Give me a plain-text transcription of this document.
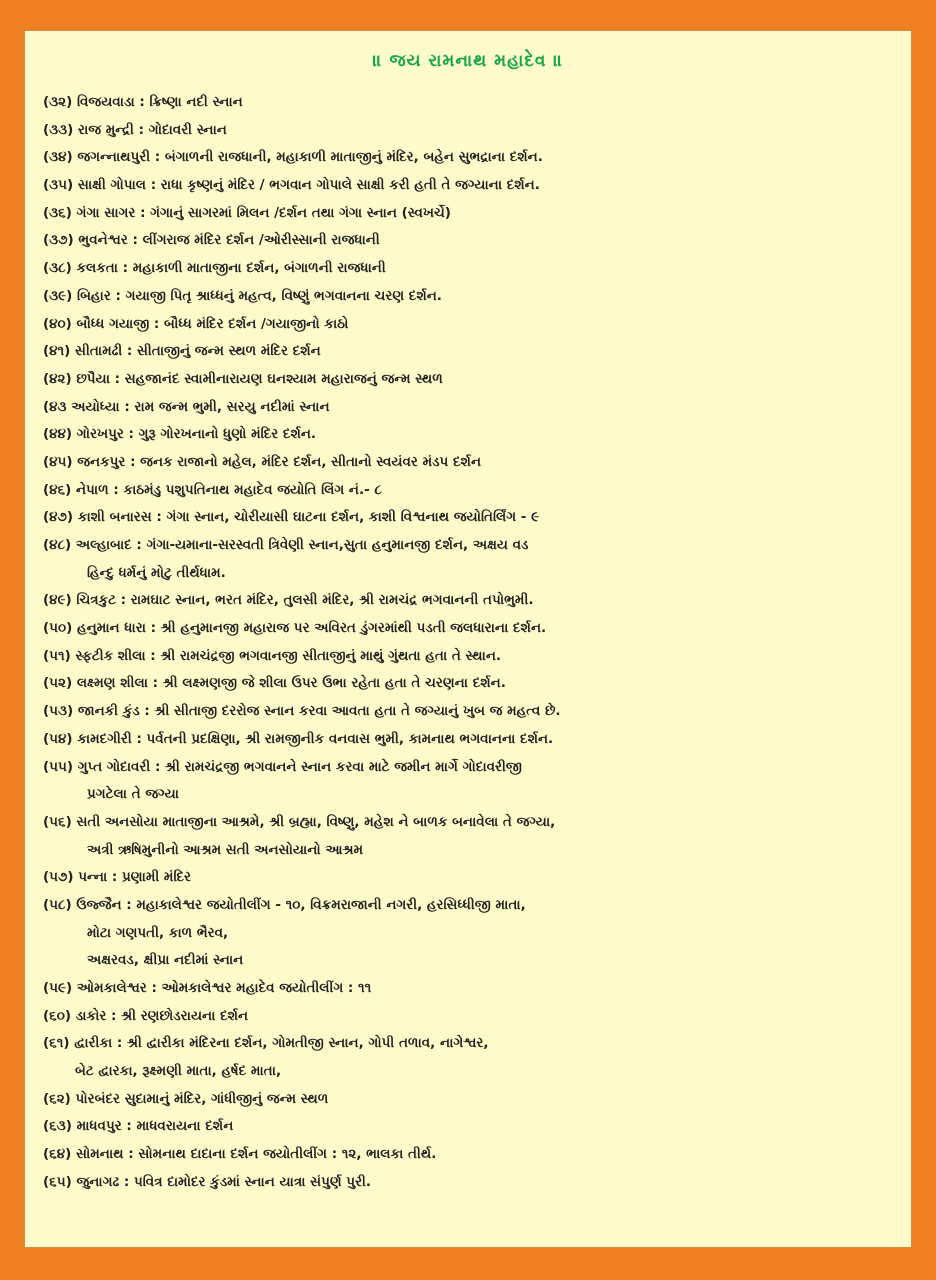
॥ જય રામનાથ મહાદેવ ॥
(૩૨) વિજયવાડા : ક્રિષ્ણા નદી સ્નાન
(૩૩) રાજ મુન્દ્રી : ગોદાવરી સ્નાન
(૩૪) જગન્નાથપુરી : બંગાળની રાજધાની, મહાકાળી માતાજીનું મંદિર, બહેન સુભદ્રાના દર્શન.
(૩૫) સાક્ષી ગોપાલ : રાધા કૃષ્ણનું મંદિર / ભગવાન ગોપાલે સાક્ષી કરી હતી તે જગ્યાના દર્શન.
(૩૬) ગંગા સાગર : ગંગાનું સાગરમાં મિલન /દર્શન તથા ગંગા સ્નાન (સ્વખર્ચે)
(૩૭) ભુવનેશ્વર : લીંગરાજ મંદિર દર્શન /ઓરીસ્સાની રાજધાની
(૩૮) કલકતા : મહાકાળી માતાજીના દર્શન, બંગાળની રાજધાની
(૩૯) બિહાર : ગયાજી પિતૃ શ્રાધ્ધનું મહત્વ, વિષ્ણું ભગવાનના ચરણ દર્શન.
(૪૦) બૌધ્ધ ગયાજી : બૌધ્ધ મંદિર દર્શન /ગયાજીનો કાઠો
(૪૧) સીતામઢી : સીતાજીનું જન્મ સ્થળ મંદિર દર્શન
(૪૨) છપૈયા : સહજાનંદ સ્વામીનારાયણ ઘનશ્યામ મહારાજનું જન્મ સ્થળ
(૪૩ અયોધ્યા : રામ જન્મ ભુમી, સરયુ નદીમાં સ્નાન
(૪૪) ગોરખપુર : ગુરૂ ગોરખનાનો ધુણો મંદિર દર્શન.
(૪૫) જનકપુર : જનક રાજાનો મહેલ, મંદિર દર્શન, સીતાનો સ્વયંવર મંડપ દર્શન
(૪૬) નેપાળ : કાઠમંડુ પશુપતિનાથ મહાદેવ જયોતિ લિંગ નં.- ૮
(૪૭) કાશી બનારસ : ગંગા સ્નાન, ચોરીયાસી ઘાટના દર્શન, કાશી વિશ્વનાથ જયોતિર્લિંગ - ૯
(૪૮) અલ્હાબાદ : ગંગા-યમાના-સરસ્વતી ત્રિવેણી સ્નાન,સુતા હનુમાનજી દર્શન, અક્ષય વડ
હિન્દુ ધર્મનું મોટુ તીર્થધામ.
(૪૯) ચિત્રકુટ : રામઘાટ સ્નાન, ભરત મંદિર, તુલસી મંદિર, શ્રી રામચંદ્ર ભગવાનની તપોભુમી.
(૫૦) હનુમાન ધારા : શ્રી હનુમાનજી મહારાજ પર અવિરત ડુંગરમાંથી પડતી જલધારાના દર્શન.
(૫૧) સ્ફટીક શીલા : શ્રી રામચંદ્રજી ભગવાનજી સીતાજીનું માથું ગુંથતા હતા તે સ્થાન.
(૫૨) લક્ષ્મણ શીલા : શ્રી લક્ષ્મણજી જે શીલા ઉપર ઉભા રહેતા હતા તે ચરણના દર્શન.
(૫૩) જાનકી કુંડ : શ્રી સીતાજી દરરોજ સ્નાન કરવા આવતા હતા તે જગ્યાનું ખુબ જ મહત્વ છે.
(૫૪) કામદગીરી : પર્વતની પ્રદક્ષિણા, શ્રી રામજીનીક વનવાસ ભુમી, કામનાથ ભગવાનના દર્શન.
(૫૫) ગુપ્ત ગોદાવરી : શ્રી રામચંદ્રજી ભગવાનને સ્નાન કરવા માટે જમીન માર્ગે ગોદાવરીજી
પ્રગટેલા તે જગ્યા
(૫૬) સતી અનસોયા માતાજીના આશ્રમે, શ્રી બ્રહ્મા, વિષ્ણુ, મહેશ ને બાળક બનાવેલા તે જગ્યા,
અત્રી ઋષિમુનીનો આશ્રમ સતી અનસોયાનો આશ્રમ
(૫૭) પન્ના : પ્રણામી મંદિર
(૫૮) ઉજ્જૈન : મહાકાલેશ્વર જયોતીલીંગ - ૧૦, વિક્રમરાજાની નગરી, હરસિધ્ધીજી માતા,
મોટા ગણપતી, કાળ ભૈરવ,
અક્ષરવડ, ક્ષીપ્રા નદીમાં સ્નાન
(૫૯) ઓમકાલેશ્વર : ઓમકાલેશ્વર મહાદેવ જયોતીલીંગ : ૧૧
(૬૦) ડાકોર : શ્રી રણછોડરાયના દર્શન
(૬૧) દ્વારીકા : શ્રી દ્વારીકા મંદિરના દર્શન, ગોમતીજી સ્નાન, ગોપી તળાવ, નાગેશ્વર,
બેટ દ્વારકા, રૂક્ષ્મણી માતા, હર્ષદ માતા,
(૬૨) પોરબંદર સુદામાનું મંદિર, ગાંધીજીનું જન્મ સ્થળ
(૬૩) માધવપુર : માધવરાયના દર્શન
(૬૪) સોમનાથ : સોમનાથ દાદાના દર્શન જયોતીલીંગ : ૧૨, ભાલકા તીર્થ.
(૬૫) જુનાગઢ : પવિત્ર દામોદર કુંડમાં સ્નાન યાત્રા સંપુર્ણ પુરી.
